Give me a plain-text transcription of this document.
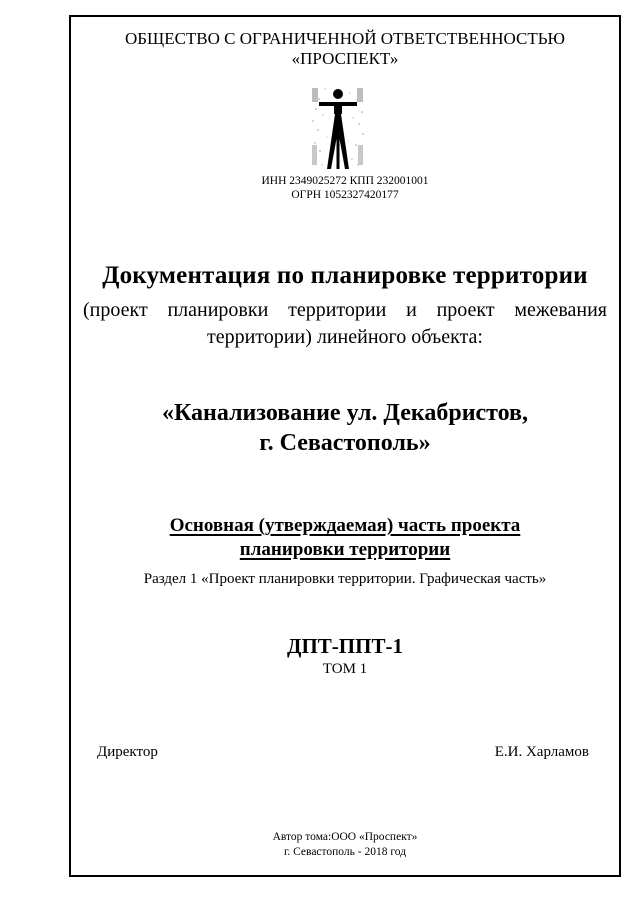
ОБЩЕСТВО С ОГРАНИЧЕННОЙ ОТВЕТСТВЕННОСТЬЮ
«ПРОСПЕКТ»
ИНН 2349025272 КПП 232001001
ОГРН 1052327420177
Документация по планировке территории
(проект планировки территории и проект межевания территории) линейного объекта:
«Канализование ул. Декабристов,
г. Севастополь»
Основная (утверждаемая) часть проекта
планировки территории
Раздел 1 «Проект планировки территории. Графическая часть»
ДПТ-ППТ-1
ТОМ 1
Директор	Е.И. Харламов
Автор тома:ООО «Проспект»
г. Севастополь - 2018 год
